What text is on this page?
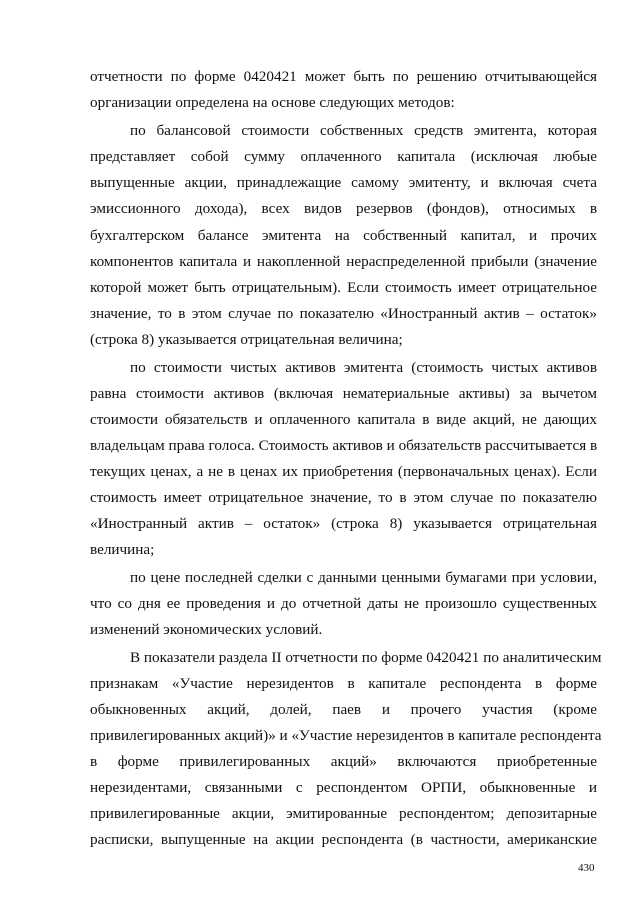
отчетности по форме 0420421 может быть по решению отчитывающейся
организации определена на основе следующих методов:
по балансовой стоимости собственных средств эмитента, которая
представляет собой сумму оплаченного капитала (исключая любые
выпущенные акции, принадлежащие самому эмитенту, и включая счета
эмиссионного дохода), всех видов резервов (фондов), относимых в
бухгалтерском балансе эмитента на собственный капитал, и прочих
компонентов капитала и накопленной нераспределенной прибыли (значение
которой может быть отрицательным). Если стоимость имеет отрицательное
значение, то в этом случае по показателю «Иностранный актив – остаток»
(строка 8) указывается отрицательная величина;
по стоимости чистых активов эмитента (стоимость чистых активов
равна стоимости активов (включая нематериальные активы) за вычетом
стоимости обязательств и оплаченного капитала в виде акций, не дающих
владельцам права голоса. Стоимость активов и обязательств рассчитывается в
текущих ценах, а не в ценах их приобретения (первоначальных ценах). Если
стоимость имеет отрицательное значение, то в этом случае по показателю
«Иностранный актив – остаток» (строка 8) указывается отрицательная
величина;
по цене последней сделки с данными ценными бумагами при условии,
что со дня ее проведения и до отчетной даты не произошло существенных
изменений экономических условий.
В показатели раздела II отчетности по форме 0420421 по аналитическим
признакам «Участие нерезидентов в капитале респондента в форме
обыкновенных акций, долей, паев и прочего участия (кроме
привилегированных акций)» и «Участие нерезидентов в капитале респондента
в форме привилегированных акций» включаются приобретенные
нерезидентами, связанными с респондентом ОРПИ, обыкновенные и
привилегированные акции, эмитированные респондентом; депозитарные
расписки, выпущенные на акции респондента (в частности, американские
430
